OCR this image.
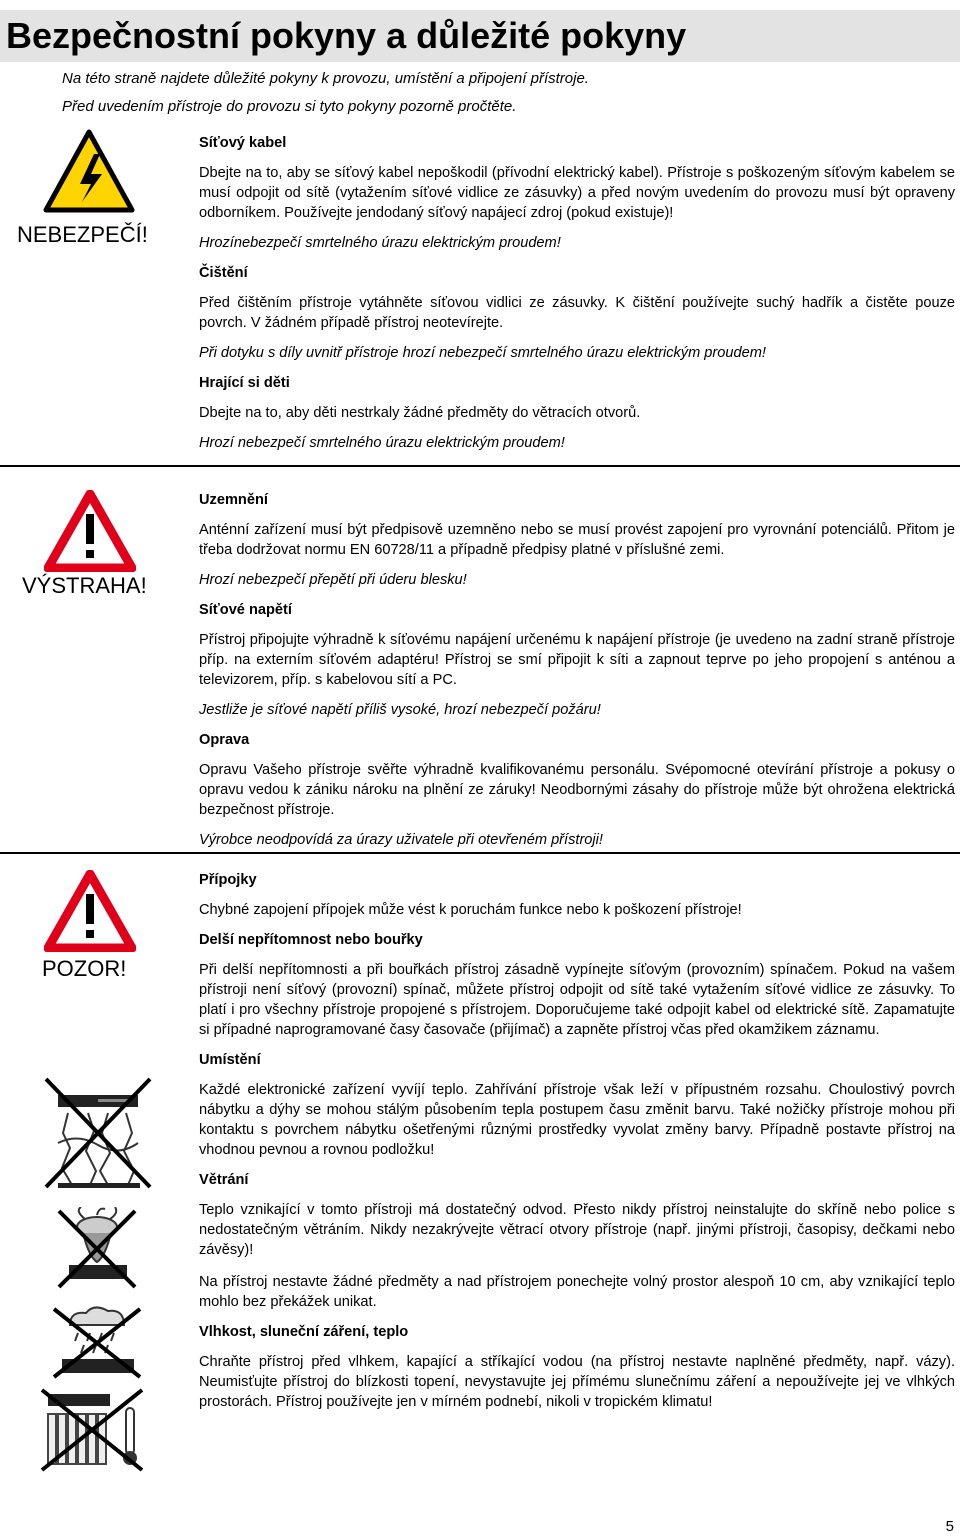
Bezpečnostní pokyny a důležité pokyny
Na této straně najdete důležité pokyny k provozu, umístění a připojení přístroje.
Před uvedením přístroje do provozu si tyto pokyny pozorně pročtěte.
NEBEZPEČÍ!
Síťový kabel

Dbejte na to, aby se síťový kabel nepoškodil (přívodní elektrický kabel). Přístroje s poškozeným síťovým kabelem se musí odpojit od sítě (vytažením síťové vidlice ze zásuvky) a před novým uvedením do provozu musí být opraveny odborníkem. Používejte jendodaný síťový napájecí zdroj (pokud existuje)!

Hrozínebezpečí smrtelného úrazu elektrickým proudem!

Čištění

Před čištěním přístroje vytáhněte síťovou vidlici ze zásuvky. K čištění používejte suchý hadřík a čistěte pouze povrch. V žádném případě přístroj neotevírejte.

Při dotyku s díly uvnitř přístroje hrozí nebezpečí smrtelného úrazu elektrickým proudem!

Hrající si děti

Dbejte na to, aby děti nestrkaly žádné předměty do větracích otvorů.

Hrozí nebezpečí smrtelného úrazu elektrickým proudem!

VÝSTRAHA!
Uzemnění

Anténní zařízení musí být předpisově uzemněno nebo se musí provést zapojení pro vyrovnání potenciálů. Přitom je třeba dodržovat normu EN 60728/11 a případně předpisy platné v příslušné zemi.

Hrozí nebezpečí přepětí při úderu blesku!

Síťové napětí

Přístroj připojujte výhradně k síťovému napájení určenému k napájení přístroje (je uvedeno na zadní straně přístroje příp. na externím síťovém adaptéru! Přístroj se smí připojit k síti a zapnout teprve po jeho propojení s anténou a televizorem, příp. s kabelovou sítí a PC.

Jestliže je síťové napětí příliš vysoké, hrozí nebezpečí požáru!

Oprava

Opravu Vašeho přístroje svěřte výhradně kvalifikovanému personálu. Svépomocné otevírání přístroje a pokusy o opravu vedou k zániku nároku na plnění ze záruky! Neodbornými zásahy do přístroje může být ohrožena elektrická bezpečnost přístroje.

Výrobce neodpovídá za úrazy uživatele při otevřeném přístroji!

POZOR!
Přípojky

Chybné zapojení přípojek může vést k poruchám funkce nebo k poškození přístroje!

Delší nepřítomnost nebo bouřky

Při delší nepřítomnosti a při bouřkách přístroj zásadně vypínejte síťovým (provozním) spínačem. Pokud na vašem přístroji není síťový (provozní) spínač, můžete přístroj odpojit od sítě také vytažením síťové vidlice ze zásuvky. To platí i pro všechny přístroje propojené s přístrojem. Doporučujeme také odpojit kabel od elektrické sítě. Zapamatujte si případné naprogramované časy časovače (přijímač) a zapněte přístroj včas před okamžikem záznamu.

Umístění

Každé elektronické zařízení vyvíjí teplo. Zahřívání přístroje však leží v přípustném rozsahu. Choulostivý povrch nábytku a dýhy se mohou stálým působením tepla postupem času změnit barvu. Také nožičky přístroje mohou při kontaktu s povrchem nábytku ošetřenými různými prostředky vyvolat změny barvy. Případně postavte přístroj na vhodnou pevnou a rovnou podložku!

Větrání

Teplo vznikající v tomto přístroji má dostatečný odvod. Přesto nikdy přístroj neinstalujte do skříně nebo police s nedostatečným větráním. Nikdy nezakrývejte větrací otvory přístroje (např. jinými přístroji, časopisy, dečkami nebo závěsy)!

Na přístroj nestavte žádné předměty a nad přístrojem ponechejte volný prostor alespoň 10 cm, aby vznikající teplo mohlo bez překážek unikat.

Vlhkost, sluneční záření, teplo

Chraňte přístroj před vlhkem, kapající a stříkající vodou (na přístroj nestavte naplněné předměty, např. vázy). Neumisťujte přístroj do blízkosti topení, nevystavujte jej přímému slunečnímu záření a nepoužívejte jej ve vlhkých prostorách. Přístroj používejte jen v mírném podnebí, nikoli v tropickém klimatu!

5
